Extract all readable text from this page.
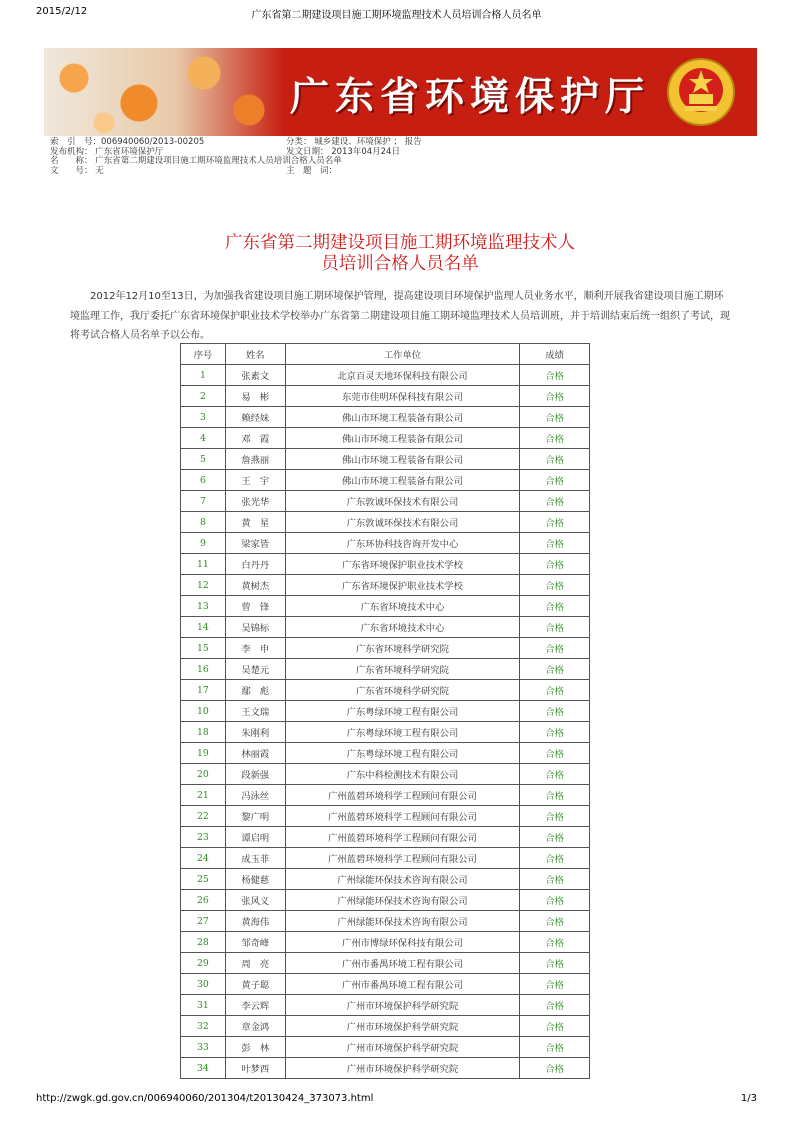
2015/2/12	广东省第二期建设项目施工期环境监理技术人员培训合格人员名单
广东省环境保护厅
索　引　号：006940060/2013-00205	分类： 城乡建设、环境保护 ； 报告
发布机构： 广东省环境保护厅	发文日期： 2013年04月24日
名　　称： 广东省第二期建设项目施工期环境监理技术人员培训合格人员名单
文　　号： 无	主　题　词：
广东省第二期建设项目施工期环境监理技术人
员培训合格人员名单

2012年12月10至13日，为加强我省建设项目施工期环境保护管理，提高建设项目环境保护监理人员业务水平，顺利开展我省建设项目施工期环境监理工作，我厅委托广东省环境保护职业技术学校举办广东省第二期建设项目施工期环境监理技术人员培训班，并于培训结束后统一组织了考试，现将考试合格人员名单予以公布。

序号	姓名	工作单位	成绩
1	张素文	北京百灵天地环保科技有限公司	合格
2	易　彬	东莞市佳明环保科技有限公司	合格
3	赖经妹	佛山市环境工程装备有限公司	合格
4	邓　霞	佛山市环境工程装备有限公司	合格
5	詹燕丽	佛山市环境工程装备有限公司	合格
6	王　宇	佛山市环境工程装备有限公司	合格
7	张光华	广东敦诚环保技术有限公司	合格
8	黄　星	广东敦诚环保技术有限公司	合格
9	梁家皆	广东环协科技咨询开发中心	合格
11	白丹丹	广东省环境保护职业技术学校	合格
12	黄树杰	广东省环境保护职业技术学校	合格
13	曾　锋	广东省环境技术中心	合格
14	吴锦标	广东省环境技术中心	合格
15	李　申	广东省环境科学研究院	合格
16	吴楚元	广东省环境科学研究院	合格
17	鄢　彪	广东省环境科学研究院	合格
10	王文瑞	广东粤绿环境工程有限公司	合格
18	朱刚利	广东粤绿环境工程有限公司	合格
19	林丽霞	广东粤绿环境工程有限公司	合格
20	段新强	广东中科检测技术有限公司	合格
21	冯泳丝	广州蓝碧环境科学工程顾问有限公司	合格
22	黎广明	广州蓝碧环境科学工程顾问有限公司	合格
23	谭启明	广州蓝碧环境科学工程顾问有限公司	合格
24	成玉菲	广州蓝碧环境科学工程顾问有限公司	合格
25	杨健慈	广州绿能环保技术咨询有限公司	合格
26	张风义	广州绿能环保技术咨询有限公司	合格
27	黄海伟	广州绿能环保技术咨询有限公司	合格
28	邹奇峰	广州市博绿环保科技有限公司	合格
29	周　亮	广州市番禺环境工程有限公司	合格
30	黄子聪	广州市番禺环境工程有限公司	合格
31	李云辉	广州市环境保护科学研究院	合格
32	章金鸿	广州市环境保护科学研究院	合格
33	彭　林	广州市环境保护科学研究院	合格
34	叶梦西	广州市环境保护科学研究院	合格
http://zwgk.gd.gov.cn/006940060/201304/t20130424_373073.html	1/3
